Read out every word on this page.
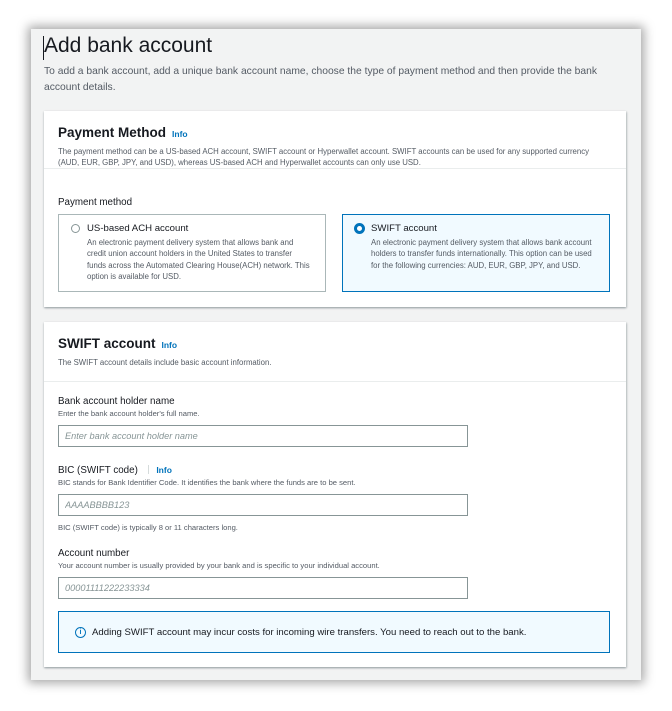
Add bank account

To add a bank account, add a unique bank account name, choose the type of payment method and then provide the bank account details.

Payment Method Info
The payment method can be a US-based ACH account, SWIFT account or Hyperwallet account. SWIFT accounts can be used for any supported currency (AUD, EUR, GBP, JPY, and USD), whereas US-based ACH and Hyperwallet accounts can only use USD.
Payment method
US-based ACH account
An electronic payment delivery system that allows bank and credit union account holders in the United States to transfer funds across the Automated Clearing House(ACH) network. This option is available for USD.
SWIFT account
An electronic payment delivery system that allows bank account holders to transfer funds internationally. This option can be used for the following currencies: AUD, EUR, GBP, JPY, and USD.
SWIFT account Info
The SWIFT account details include basic account information.
Bank account holder name
Enter the bank account holder's full name.
Enter bank account holder name
BIC (SWIFT code) Info
BIC stands for Bank Identifier Code. It identifies the bank where the funds are to be sent.
AAAABBBB123
BIC (SWIFT code) is typically 8 or 11 characters long.
Account number
Your account number is usually provided by your bank and is specific to your individual account.
00001111222233334
i	Adding SWIFT account may incur costs for incoming wire transfers. You need to reach out to the bank.
